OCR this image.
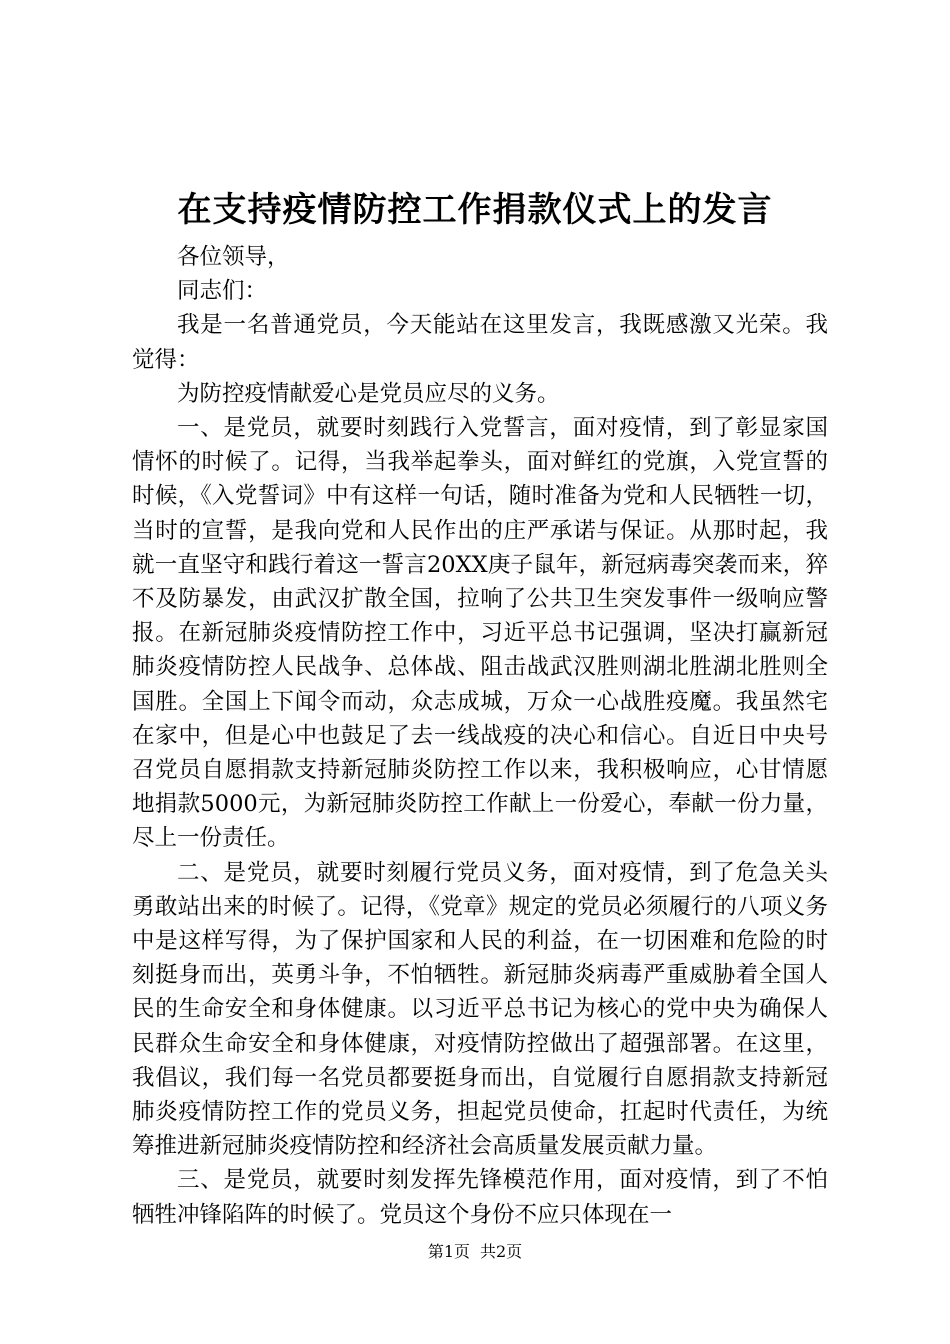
在支持疫情防控工作捐款仪式上的发言

各位领导，

同志们：

我是一名普通党员，今天能站在这里发言，我既感激又光荣。我觉得：

为防控疫情献爱心是党员应尽的义务。

一、是党员，就要时刻践行入党誓言，面对疫情，到了彰显家国情怀的时候了。记得，当我举起拳头，面对鲜红的党旗，入党宣誓的时候，《入党誓词》中有这样一句话，随时准备为党和人民牺牲一切，当时的宣誓，是我向党和人民作出的庄严承诺与保证。从那时起，我就一直坚守和践行着这一誓言20XX庚子鼠年，新冠病毒突袭而来，猝不及防暴发，由武汉扩散全国，拉响了公共卫生突发事件一级响应警报。在新冠肺炎疫情防控工作中，习近平总书记强调，坚决打赢新冠肺炎疫情防控人民战争、总体战、阻击战武汉胜则湖北胜湖北胜则全国胜。全国上下闻令而动，众志成城，万众一心战胜疫魔。我虽然宅在家中，但是心中也鼓足了去一线战疫的决心和信心。自近日中央号召党员自愿捐款支持新冠肺炎防控工作以来，我积极响应，心甘情愿地捐款5000元，为新冠肺炎防控工作献上一份爱心，奉献一份力量，尽上一份责任。

二、是党员，就要时刻履行党员义务，面对疫情，到了危急关头勇敢站出来的时候了。记得，《党章》规定的党员必须履行的八项义务中是这样写得，为了保护国家和人民的利益，在一切困难和危险的时刻挺身而出，英勇斗争，不怕牺牲。新冠肺炎病毒严重威胁着全国人民的生命安全和身体健康。以习近平总书记为核心的党中央为确保人民群众生命安全和身体健康，对疫情防控做出了超强部署。在这里，我倡议，我们每一名党员都要挺身而出，自觉履行自愿捐款支持新冠肺炎疫情防控工作的党员义务，担起党员使命，扛起时代责任，为统筹推进新冠肺炎疫情防控和经济社会高质量发展贡献力量。

三、是党员，就要时刻发挥先锋模范作用，面对疫情，到了不怕牺牲冲锋陷阵的时候了。党员这个身份不应只体现在一

第1页 共2页
